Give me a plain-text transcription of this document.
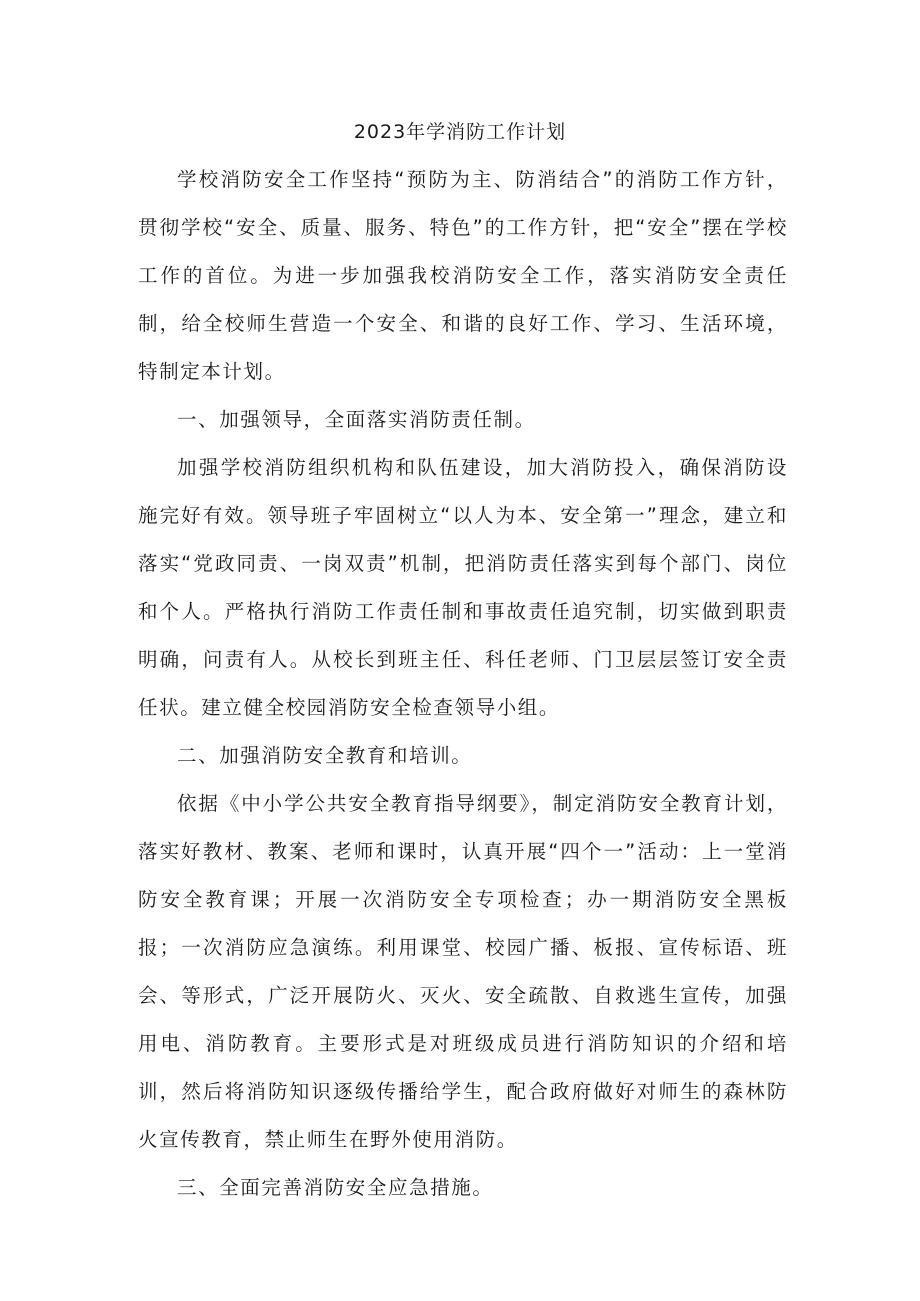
2023年学消防工作计划

学校消防安全工作坚持“预防为主、防消结合”的消防工作方针，贯彻学校“安全、质量、服务、特色”的工作方针，把“安全”摆在学校工作的首位。为进一步加强我校消防安全工作，落实消防安全责任制，给全校师生营造一个安全、和谐的良好工作、学习、生活环境，特制定本计划。

一、加强领导，全面落实消防责任制。

加强学校消防组织机构和队伍建设，加大消防投入，确保消防设施完好有效。领导班子牢固树立“以人为本、安全第一”理念，建立和落实“党政同责、一岗双责”机制，把消防责任落实到每个部门、岗位和个人。严格执行消防工作责任制和事故责任追究制，切实做到职责明确，问责有人。从校长到班主任、科任老师、门卫层层签订安全责任状。建立健全校园消防安全检查领导小组。

二、加强消防安全教育和培训。

依据《中小学公共安全教育指导纲要》，制定消防安全教育计划，落实好教材、教案、老师和课时，认真开展“四个一”活动：上一堂消防安全教育课；开展一次消防安全专项检查；办一期消防安全黑板报；一次消防应急演练。利用课堂、校园广播、板报、宣传标语、班会、等形式，广泛开展防火、灭火、安全疏散、自救逃生宣传，加强用电、消防教育。主要形式是对班级成员进行消防知识的介绍和培训，然后将消防知识逐级传播给学生，配合政府做好对师生的森林防火宣传教育，禁止师生在野外使用消防。

三、全面完善消防安全应急措施。
